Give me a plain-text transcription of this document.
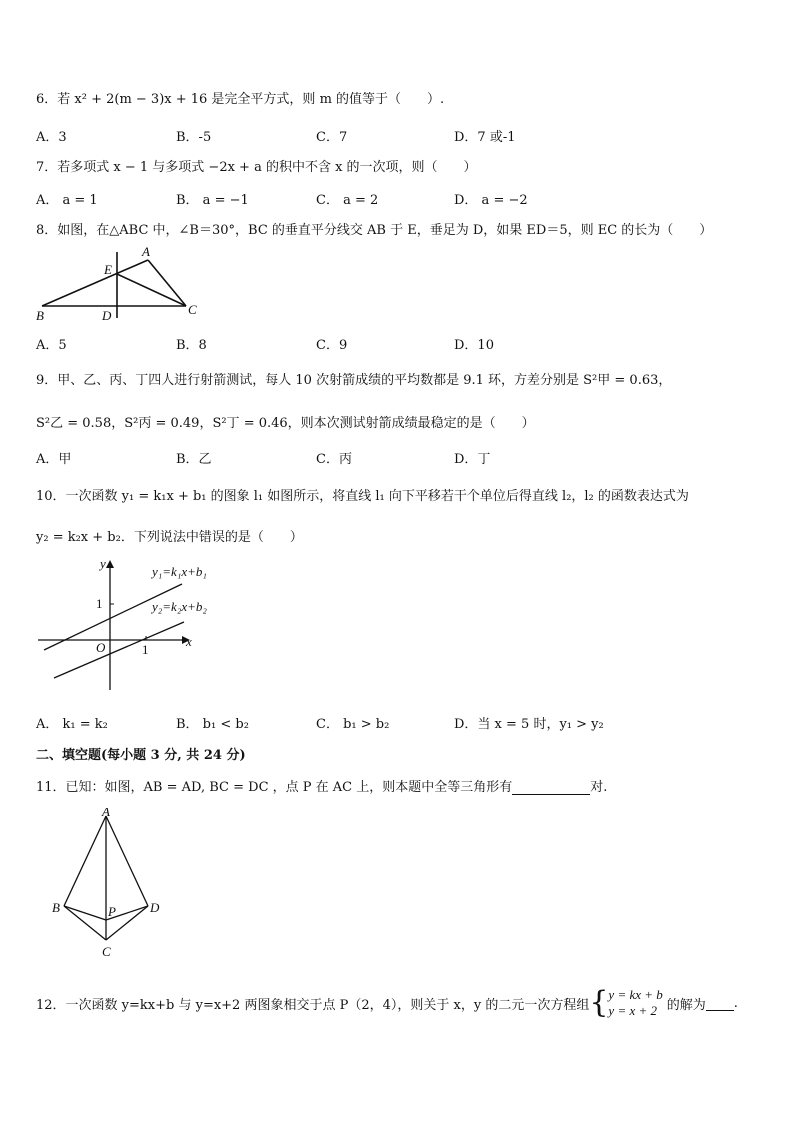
6．若 x² + 2(m − 3)x + 16 是完全平方式，则 m 的值等于（　　）.
A．3	B．-5	C．7	D．7 或-1
7．若多项式 x − 1 与多项式 −2x + a 的积中不含 x 的一次项，则（　　）
A． a = 1	B． a = −1	C． a = 2	D． a = −2
8．如图，在△ABC 中，∠B＝30°，BC 的垂直平分线交 AB 于 E，垂足为 D，如果 ED＝5，则 EC 的长为（　　）
A
E
B	D	C
A．5	B．8	C．9	D．10
9．甲、乙、丙、丁四人进行射箭测试，每人 10 次射箭成绩的平均数都是 9.1 环，方差分别是 S²甲 = 0.63，
S²乙 = 0.58，S²丙 = 0.49，S²丁 = 0.46，则本次测试射箭成绩最稳定的是（　　）
A．甲	B．乙	C．丙	D．丁
10．一次函数 y₁ = k₁x + b₁ 的图象 l₁ 如图所示，将直线 l₁ 向下平移若干个单位后得直线 l₂，l₂ 的函数表达式为
y₂ = k₂x + b₂．下列说法中错误的是（　　）
y
x
O
1
1
y₁=k₁x+b₁
y₂=k₂x+b₂
A． k₁ = k₂	B． b₁ < b₂	C． b₁ > b₂	D．当 x = 5 时，y₁ > y₂
二、填空题(每小题 3 分, 共 24 分)
11．已知：如图，AB = AD, BC = DC ，点 P 在 AC 上，则本题中全等三角形有	对.
A
B	D
P
C
12．一次函数 y=kx+b 与 y=x+2 两图象相交于点 P（2，4），则关于 x，y 的二元一次方程组 { y = kx + b
y = x + 2 的解为
.
